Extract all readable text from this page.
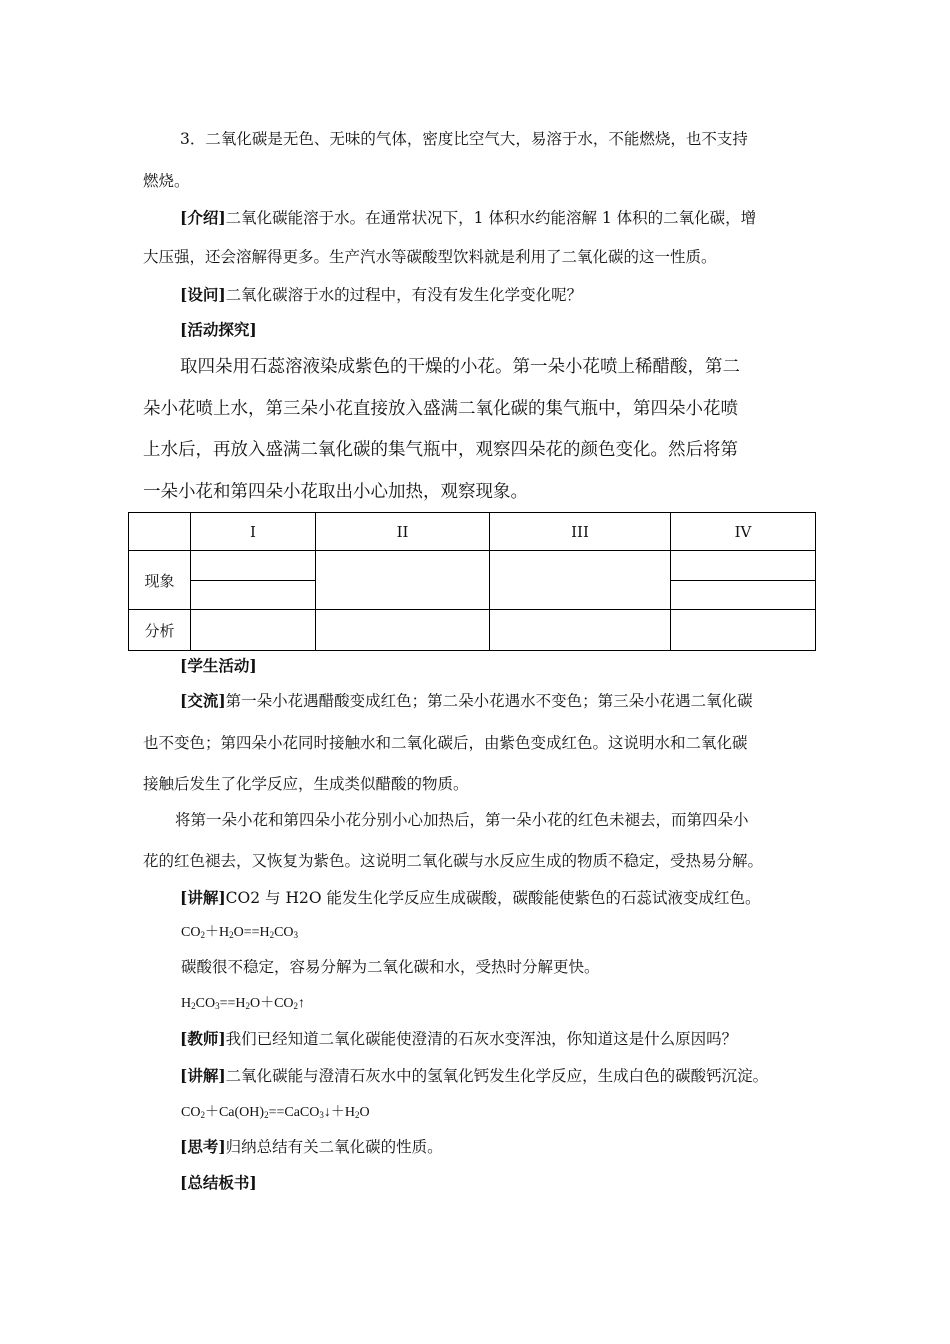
3．二氧化碳是无色、无味的气体，密度比空气大，易溶于水，不能燃烧，也不支持
燃烧。
[介绍]二氧化碳能溶于水。在通常状况下，1 体积水约能溶解 1 体积的二氧化碳，增
大压强，还会溶解得更多。生产汽水等碳酸型饮料就是利用了二氧化碳的这一性质。
[设问]二氧化碳溶于水的过程中，有没有发生化学变化呢？
[活动探究]
取四朵用石蕊溶液染成紫色的干燥的小花。第一朵小花喷上稀醋酸，第二
朵小花喷上水，第三朵小花直接放入盛满二氧化碳的集气瓶中，第四朵小花喷
上水后，再放入盛满二氧化碳的集气瓶中，观察四朵花的颜色变化。然后将第
一朵小花和第四朵小花取出小心加热，观察现象。
	I	II	III	IV
现象				

分析				
[学生活动]
[交流]第一朵小花遇醋酸变成红色；第二朵小花遇水不变色；第三朵小花遇二氧化碳
也不变色；第四朵小花同时接触水和二氧化碳后，由紫色变成红色。这说明水和二氧化碳
接触后发生了化学反应，生成类似醋酸的物质。
将第一朵小花和第四朵小花分别小心加热后，第一朵小花的红色未褪去，而第四朵小
花的红色褪去，又恢复为紫色。这说明二氧化碳与水反应生成的物质不稳定，受热易分解。
[讲解]CO2 与 H2O 能发生化学反应生成碳酸，碳酸能使紫色的石蕊试液变成红色。
$CO_2+H_2O==H_2CO_3$
碳酸很不稳定，容易分解为二氧化碳和水，受热时分解更快。
$H_2CO_3==H_2O+CO_2↑$
[教师]我们已经知道二氧化碳能使澄清的石灰水变浑浊，你知道这是什么原因吗？
[讲解]二氧化碳能与澄清石灰水中的氢氧化钙发生化学反应，生成白色的碳酸钙沉淀。
$CO_2+Ca(OH)_2==CaCO_3↓+H_2O$
[思考]归纳总结有关二氧化碳的性质。
[总结板书]
